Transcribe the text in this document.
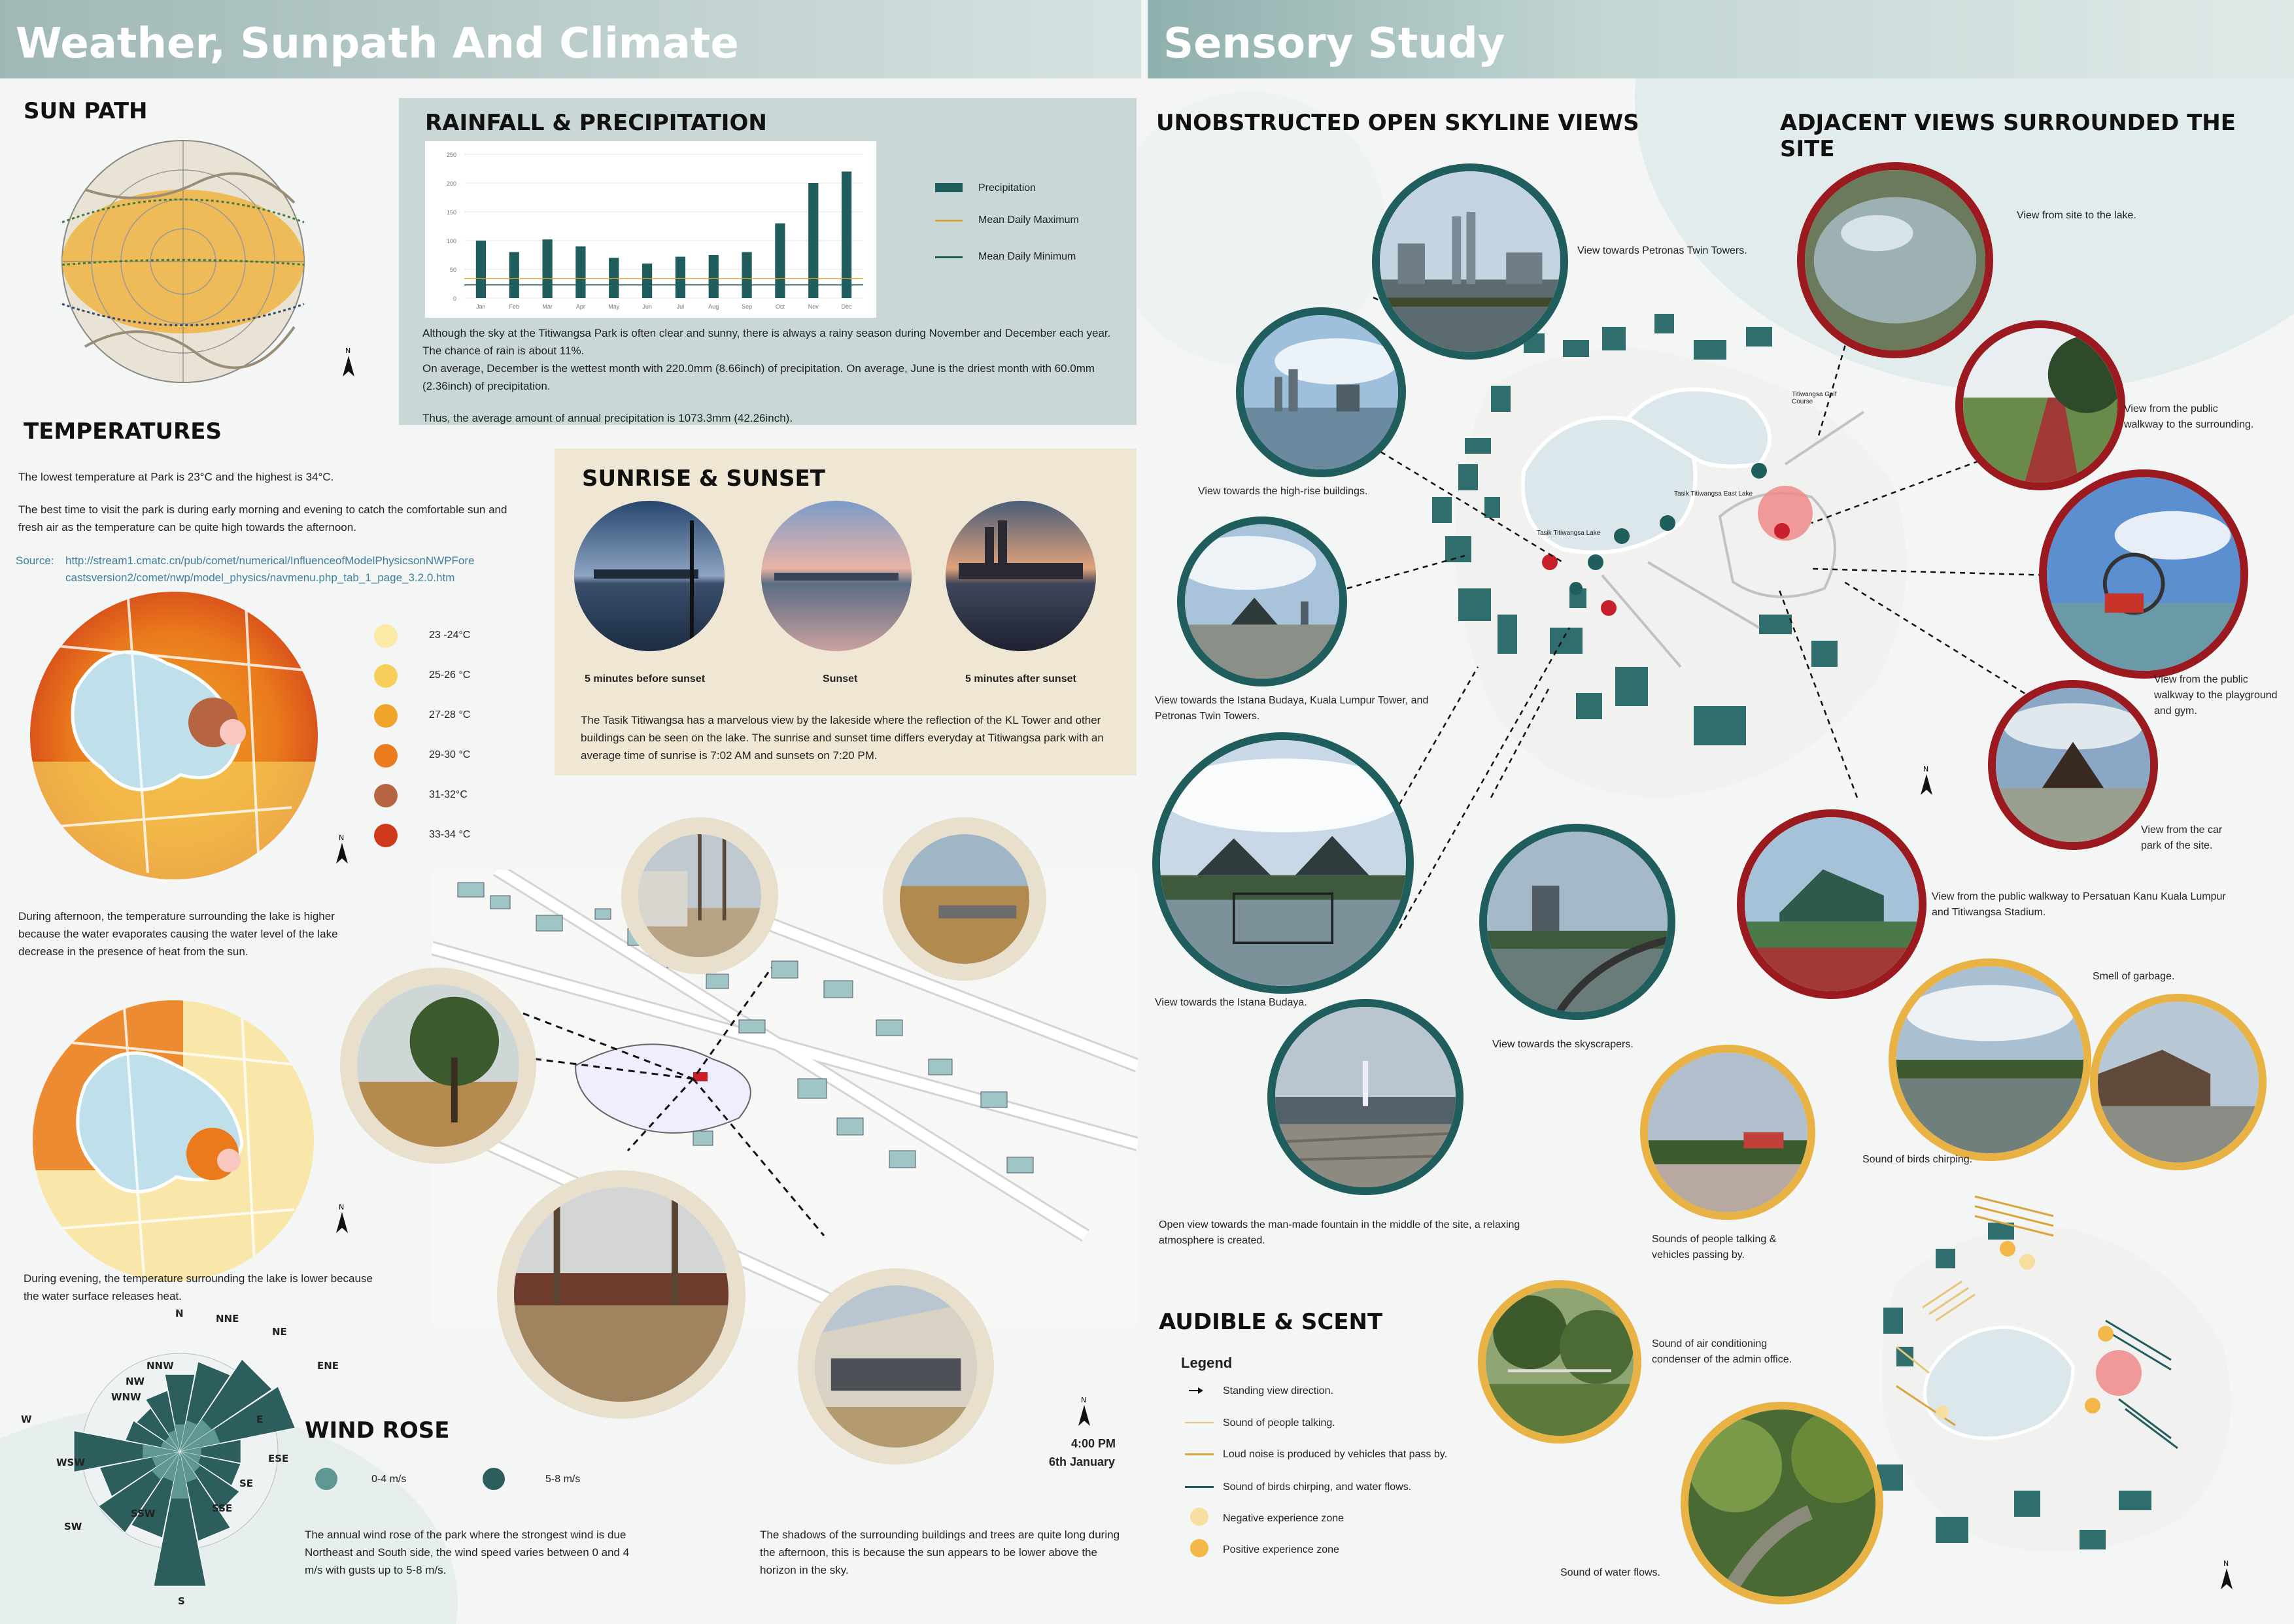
Weather, Sunpath And Climate	Sensory Study
SUN PATH
N
RAINFALL & PRECIPITATION
0
50
100
150
200
250
Jan	Feb	Mar	Apr	May	Jun	Jul	Aug	Sep	Oct	Nov	Dec
Precipitation
Mean Daily Maximum
Mean Daily Minimum
Although the sky at the Titiwangsa Park is often clear and sunny, there is always a rainy season during November and December each year. The chance of rain is about 11%.
On average, December is the wettest month with 220.0mm (8.66inch) of precipitation. On average, June is the driest month with 60.0mm (2.36inch) of precipitation.
Thus, the average amount of annual precipitation is 1073.3mm (42.26inch).
TEMPERATURES
The lowest temperature at Park is 23°C and the highest is 34°C.
The best time to visit the park is during early morning and evening to catch the comfortable sun and fresh air as the temperature can be quite high towards the afternoon.
Source: http://stream1.cmatc.cn/pub/comet/numerical/InfluenceofModelPhysicsonNWPFore
castsversion2/comet/nwp/model_physics/navmenu.php_tab_1_page_3.2.0.htm
N
23 -24°C
25-26 °C
27-28 °C
29-30 °C
31-32°C
33-34 °C
During afternoon, the temperature surrounding the lake is higher because the water evaporates causing the water level of the lake decrease in the presence of heat from the sun.
N
During evening, the temperature surrounding the lake is lower because the water surface releases heat.
SUNRISE & SUNSET
5 minutes before sunset	Sunset	5 minutes after sunset
The Tasik Titiwangsa has a marvelous view by the lakeside where the reflection of the KL Tower and other buildings can be seen on the lake. The sunrise and sunset time differs everyday at Titiwangsa park with an average time of sunrise is 7:02 AM and sunsets on 7:20 PM.
N
4:00 PM
6th January
The shadows of the surrounding buildings and trees are quite long during the afternoon, this is because the sun appears to be lower above the horizon in the sky.
N	NNE
NE
ENE
E
ESE
SE
SSE
S
SSW
SW
WSW
W
WNW
NW
NNW
WIND ROSE
0-4 m/s	5-8 m/s
The annual wind rose of the park where the strongest wind is due Northeast and South side, the wind speed varies between 0 and 4 m/s with gusts up to 5-8 m/s.
UNOBSTRUCTED OPEN SKYLINE VIEWS	ADJACENT VIEWS SURROUNDED THE SITE
Titiwangsa Golf Course
Tasik Titiwangsa Lake
Tasik Titiwangsa East Lake
N
View towards Petronas Twin Towers.
View towards the high-rise buildings.
View towards the Istana Budaya, Kuala Lumpur Tower, and Petronas Twin Towers.
View towards the Istana Budaya.
View towards the skyscrapers.
Open view towards the man-made fountain in the middle of the site, a relaxing atmosphere is created.
View from site to the lake.
View from the public walkway to the surrounding.
View from the public walkway to the playground and gym.
View from the car park of the site.
View from the public walkway to Persatuan Kanu Kuala Lumpur and Titiwangsa Stadium.
AUDIBLE & SCENT
Legend
Standing view direction.
Sound of people talking.
Loud noise is produced by vehicles that pass by.
Sound of birds chirping, and water flows.
Negative experience zone
Positive experience zone
N
Smell of garbage.
Sound of birds chirping.
Sounds of people talking & vehicles passing by.
Sound of air conditioning condenser of the admin office.
Sound of water flows.
